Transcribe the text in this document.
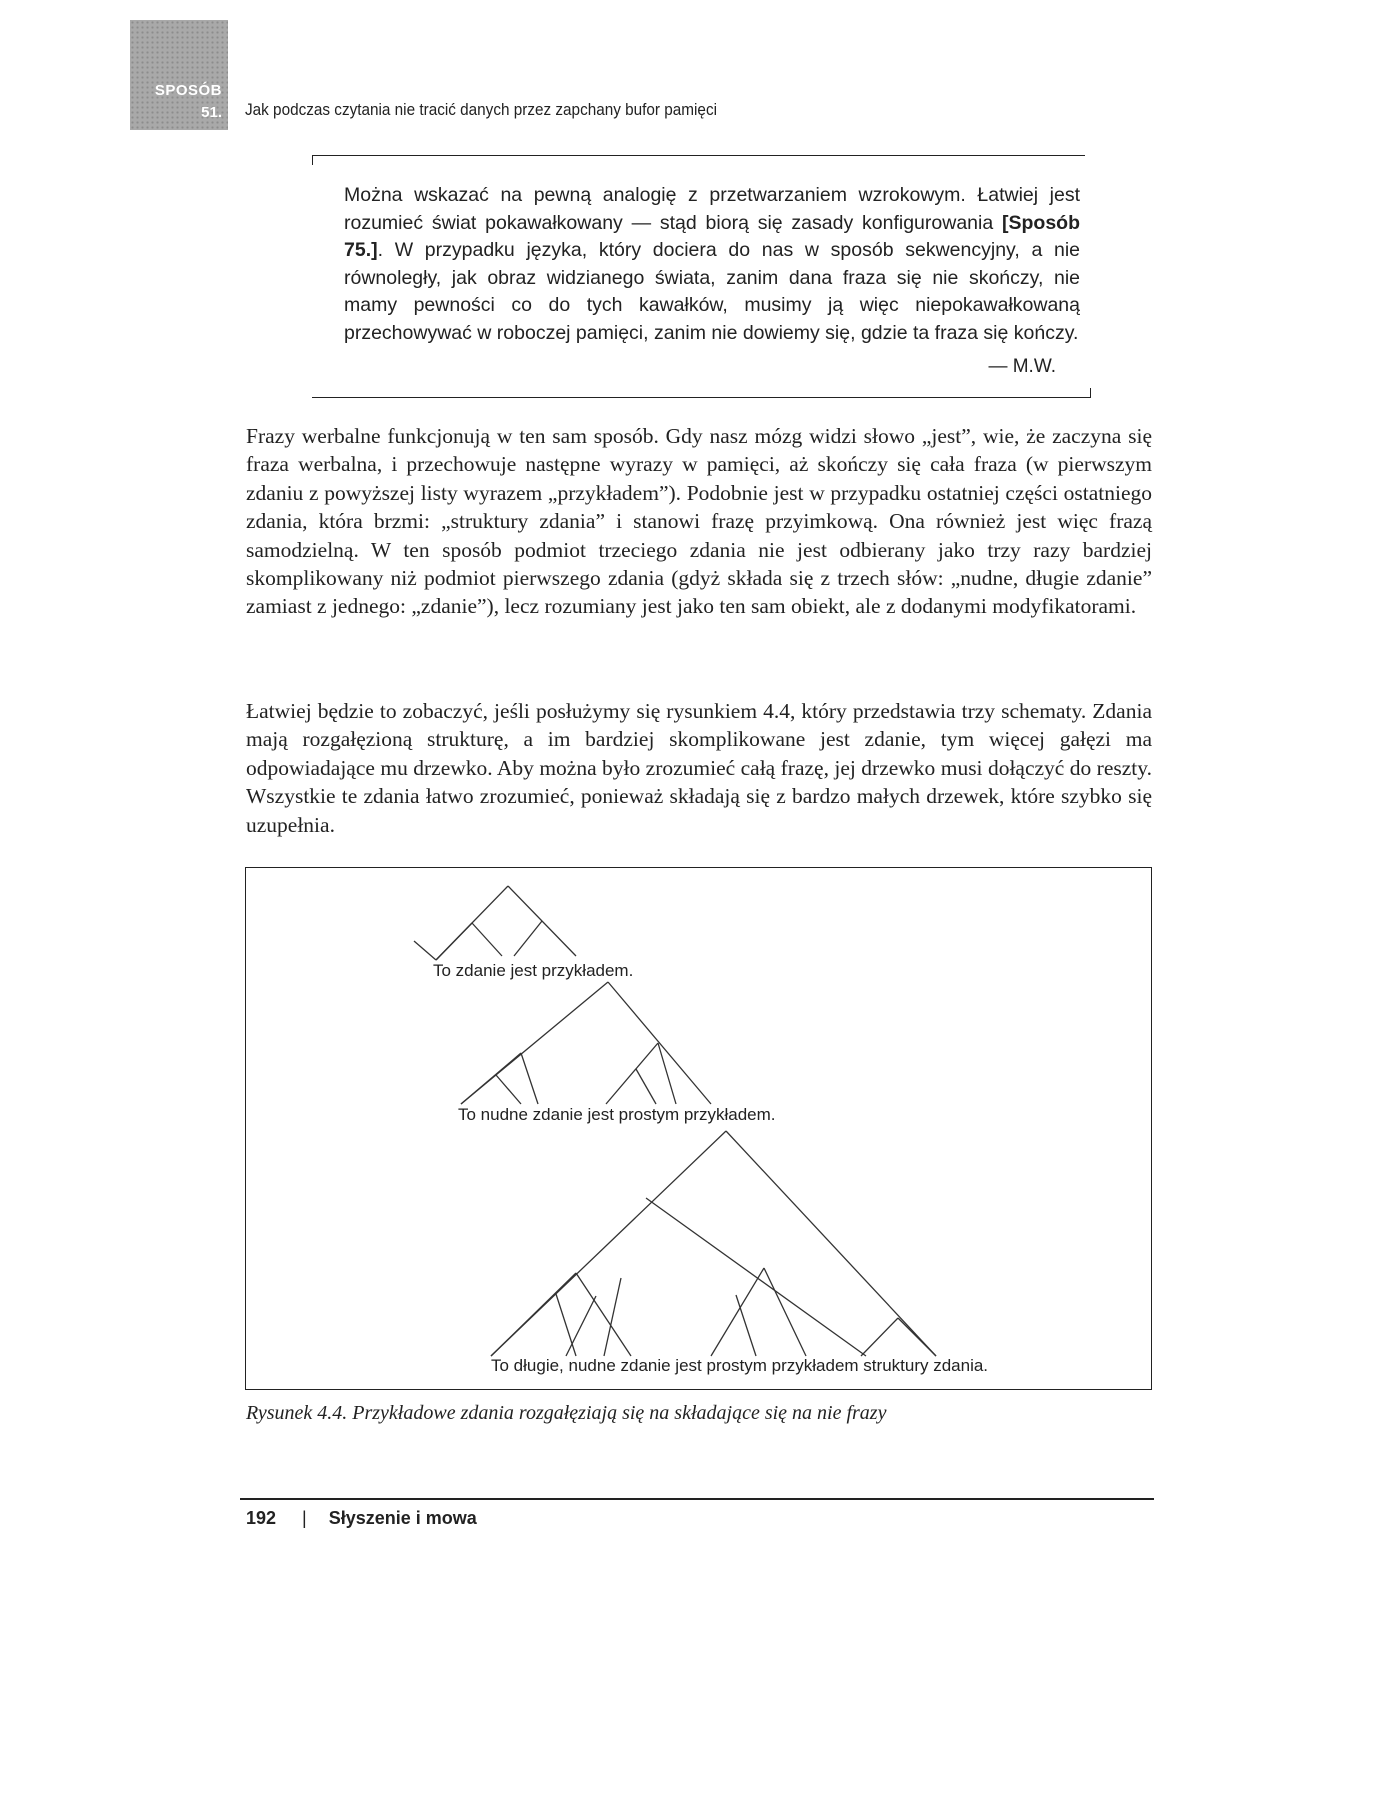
SPOSÓB
51. Jak podczas czytania nie tracić danych przez zapchany bufor pamięci

Można wskazać na pewną analogię z przetwarzaniem wzrokowym. Łatwiej jest rozumieć świat pokawałkowany — stąd biorą się zasady konfigurowania [Sposób 75.]. W przypadku języka, który dociera do nas w sposób sekwencyjny, a nie równoległy, jak obraz widzianego świata, zanim dana fraza się nie skończy, nie mamy pewności co do tych kawałków, musimy ją więc niepokawałkowaną przechowywać w roboczej pamięci, zanim nie dowiemy się, gdzie ta fraza się kończy.

— M.W.

Frazy werbalne funkcjonują w ten sam sposób. Gdy nasz mózg widzi słowo „jest”, wie, że zaczyna się fraza werbalna, i przechowuje następne wyrazy w pamięci, aż skończy się cała fraza (w pierwszym zdaniu z powyższej listy wyrazem „przykładem”). Podobnie jest w przypadku ostatniej części ostatniego zdania, która brzmi: „struktury zdania” i stanowi frazę przyimkową. Ona również jest więc frazą samodzielną. W ten sposób podmiot trzeciego zdania nie jest odbierany jako trzy razy bardziej skomplikowany niż podmiot pierwszego zdania (gdyż składa się z trzech słów: „nudne, długie zdanie” zamiast z jednego: „zdanie”), lecz rozumiany jest jako ten sam obiekt, ale z dodanymi modyfikatorami.

Łatwiej będzie to zobaczyć, jeśli posłużymy się rysunkiem 4.4, który przedstawia trzy schematy. Zdania mają rozgałęzioną strukturę, a im bardziej skomplikowane jest zdanie, tym więcej gałęzi ma odpowiadające mu drzewko. Aby można było zrozumieć całą frazę, jej drzewko musi dołączyć do reszty. Wszystkie te zdania łatwo zrozumieć, ponieważ składają się z bardzo małych drzewek, które szybko się uzupełnia.

To zdanie jest przykładem.
To nudne zdanie jest prostym przykładem.
To długie, nudne zdanie jest prostym przykładem struktury zdania.
Rysunek 4.4. Przykładowe zdania rozgałęziają się na składające się na nie frazy
192 | Słyszenie i mowa
